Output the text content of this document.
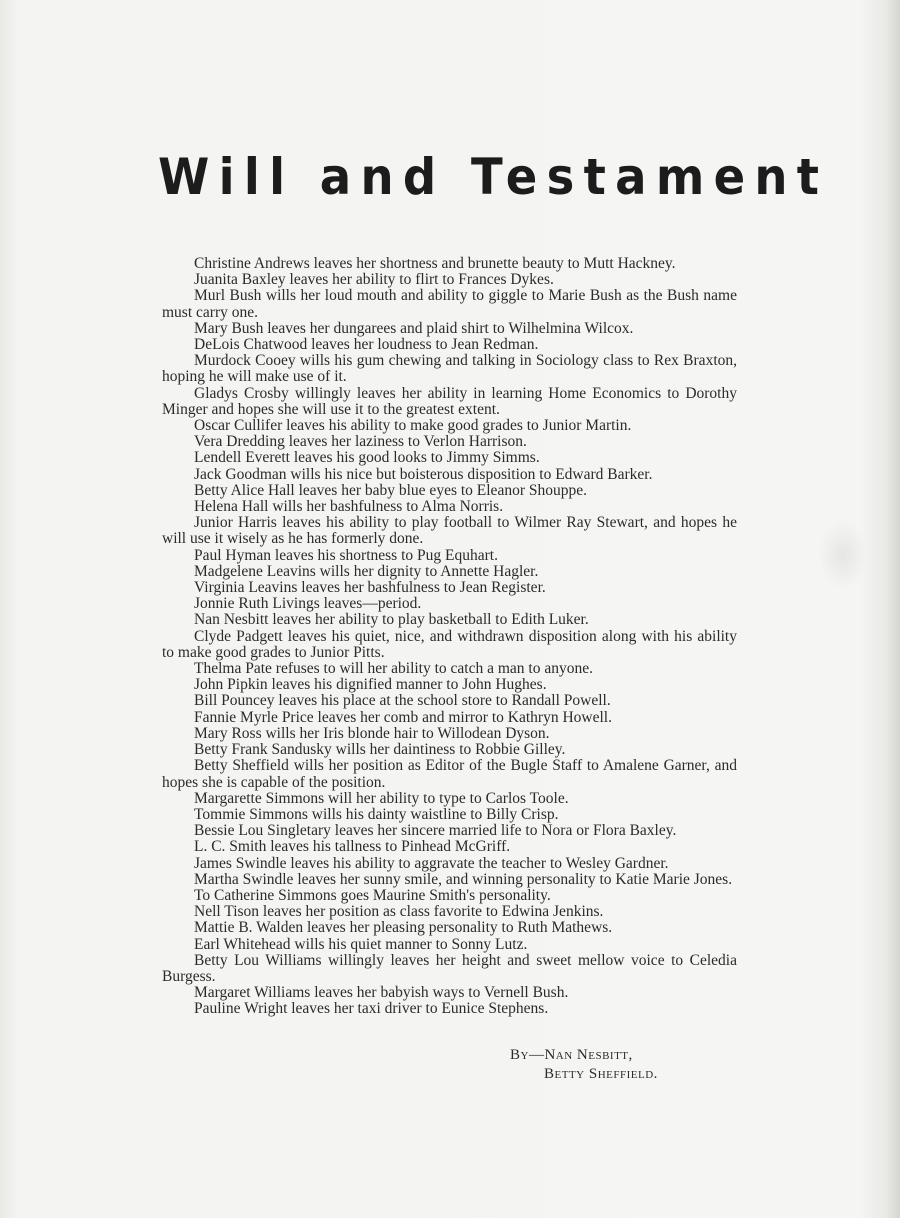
Will and Testament

Christine Andrews leaves her shortness and brunette beauty to Mutt Hackney.

Juanita Baxley leaves her ability to flirt to Frances Dykes.

Murl Bush wills her loud mouth and ability to giggle to Marie Bush as the Bush name must carry one.

Mary Bush leaves her dungarees and plaid shirt to Wilhelmina Wilcox.

DeLois Chatwood leaves her loudness to Jean Redman.

Murdock Cooey wills his gum chewing and talking in Sociology class to Rex Braxton, hoping he will make use of it.

Gladys Crosby willingly leaves her ability in learning Home Economics to Dorothy Minger and hopes she will use it to the greatest extent.

Oscar Cullifer leaves his ability to make good grades to Junior Martin.

Vera Dredding leaves her laziness to Verlon Harrison.

Lendell Everett leaves his good looks to Jimmy Simms.

Jack Goodman wills his nice but boisterous disposition to Edward Barker.

Betty Alice Hall leaves her baby blue eyes to Eleanor Shouppe.

Helena Hall wills her bashfulness to Alma Norris.

Junior Harris leaves his ability to play football to Wilmer Ray Stewart, and hopes he will use it wisely as he has formerly done.

Paul Hyman leaves his shortness to Pug Equhart.

Madgelene Leavins wills her dignity to Annette Hagler.

Virginia Leavins leaves her bashfulness to Jean Register.

Jonnie Ruth Livings leaves—period.

Nan Nesbitt leaves her ability to play basketball to Edith Luker.

Clyde Padgett leaves his quiet, nice, and withdrawn disposition along with his ability to make good grades to Junior Pitts.

Thelma Pate refuses to will her ability to catch a man to anyone.

John Pipkin leaves his dignified manner to John Hughes.

Bill Pouncey leaves his place at the school store to Randall Powell.

Fannie Myrle Price leaves her comb and mirror to Kathryn Howell.

Mary Ross wills her Iris blonde hair to Willodean Dyson.

Betty Frank Sandusky wills her daintiness to Robbie Gilley.

Betty Sheffield wills her position as Editor of the Bugle Staff to Amalene Garner, and hopes she is capable of the position.

Margarette Simmons will her ability to type to Carlos Toole.

Tommie Simmons wills his dainty waistline to Billy Crisp.

Bessie Lou Singletary leaves her sincere married life to Nora or Flora Baxley.

L. C. Smith leaves his tallness to Pinhead McGriff.

James Swindle leaves his ability to aggravate the teacher to Wesley Gardner.

Martha Swindle leaves her sunny smile, and winning personality to Katie Marie Jones.

To Catherine Simmons goes Maurine Smith's personality.

Nell Tison leaves her position as class favorite to Edwina Jenkins.

Mattie B. Walden leaves her pleasing personality to Ruth Mathews.

Earl Whitehead wills his quiet manner to Sonny Lutz.

Betty Lou Williams willingly leaves her height and sweet mellow voice to Celedia Burgess.

Margaret Williams leaves her babyish ways to Vernell Bush.

Pauline Wright leaves her taxi driver to Eunice Stephens.

By—Nan Nesbitt,
Betty Sheffield.
